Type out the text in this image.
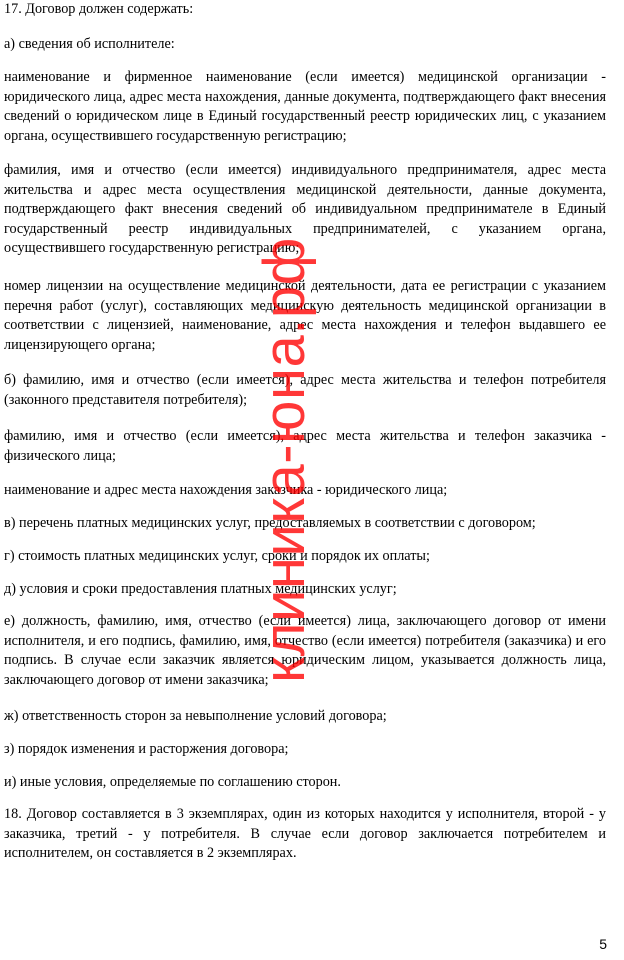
17. Договор должен содержать:

а) сведения об исполнителе:

наименование и фирменное наименование (если имеется) медицинской организации - юридического лица, адрес места нахождения, данные документа, подтверждающего факт внесения сведений о юридическом лице в Единый государственный реестр юридических лиц, с указанием органа, осуществившего государственную регистрацию;

фамилия, имя и отчество (если имеется) индивидуального предпринимателя, адрес места жительства и адрес места осуществления медицинской деятельности, данные документа, подтверждающего факт внесения сведений об индивидуальном предпринимателе в Единый государственный реестр индивидуальных предпринимателей, с указанием органа, осуществившего государственную регистрацию;

номер лицензии на осуществление медицинской деятельности, дата ее регистрации с указанием перечня работ (услуг), составляющих медицинскую деятельность медицинской организации в соответствии с лицензией, наименование, адрес места нахождения и телефон выдавшего ее лицензирующего органа;

б) фамилию, имя и отчество (если имеется), адрес места жительства и телефон потребителя (законного представителя потребителя);

фамилию, имя и отчество (если имеется), адрес места жительства и телефон заказчика - физического лица;

наименование и адрес места нахождения заказчика - юридического лица;

в) перечень платных медицинских услуг, предоставляемых в соответствии с договором;

г) стоимость платных медицинских услуг, сроки и порядок их оплаты;

д) условия и сроки предоставления платных медицинских услуг;

е) должность, фамилию, имя, отчество (если имеется) лица, заключающего договор от имени исполнителя, и его подпись, фамилию, имя, отчество (если имеется) потребителя (заказчика) и его подпись. В случае если заказчик является юридическим лицом, указывается должность лица, заключающего договор от имени заказчика;

ж) ответственность сторон за невыполнение условий договора;

з) порядок изменения и расторжения договора;

и) иные условия, определяемые по соглашению сторон.

18. Договор составляется в 3 экземплярах, один из которых находится у исполнителя, второй - у заказчика, третий - у потребителя. В случае если договор заключается потребителем и исполнителем, он составляется в 2 экземплярах.

клиника-юна.рф
5
